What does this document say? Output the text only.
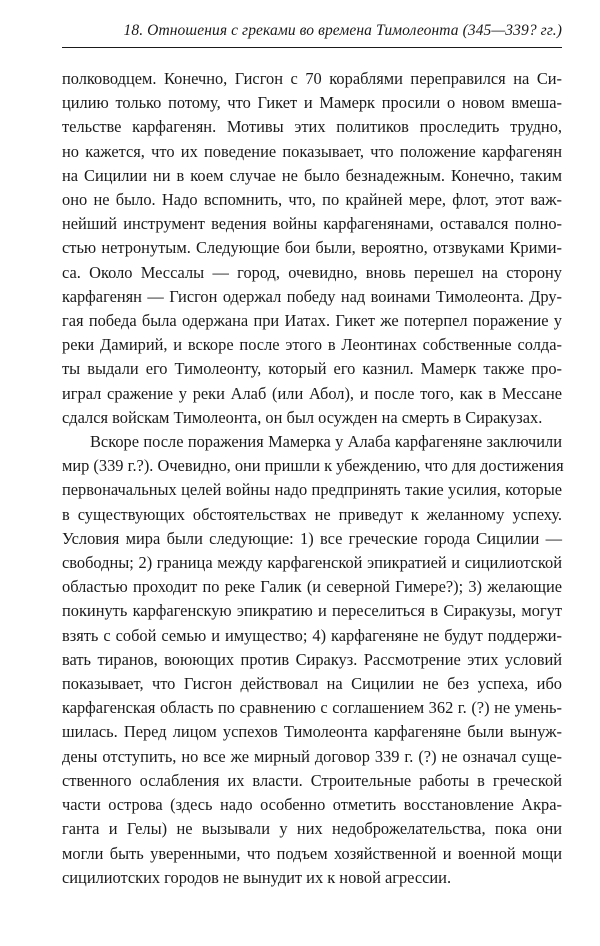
18. Отношения с греками во времена Тимолеонта (345—339? гг.)

полководцем. Конечно, Гисгон с 70 кораблями переправился на Си-
цилию только потому, что Гикет и Мамерк просили о новом вмеша-
тельстве карфагенян. Мотивы этих политиков проследить трудно,
но кажется, что их поведение показывает, что положение карфагенян
на Сицилии ни в коем случае не было безнадежным. Конечно, таким
оно не было. Надо вспомнить, что, по крайней мере, флот, этот важ-
нейший инструмент ведения войны карфагенянами, оставался полно-
стью нетронутым. Следующие бои были, вероятно, отзвуками Крими-
са. Около Мессалы — город, очевидно, вновь перешел на сторону
карфагенян — Гисгон одержал победу над воинами Тимолеонта. Дру-
гая победа была одержана при Иатах. Гикет же потерпел поражение у
реки Дамирий, и вскоре после этого в Леонтинах собственные солда-
ты выдали его Тимолеонту, который его казнил. Мамерк также про-
играл сражение у реки Алаб (или Абол), и после того, как в Мессане
сдался войскам Тимолеонта, он был осужден на смерть в Сиракузах.

Вскоре после поражения Мамерка у Алаба карфагеняне заключили
мир (339 г.?). Очевидно, они пришли к убеждению, что для достижения
первоначальных целей войны надо предпринять такие усилия, которые
в существующих обстоятельствах не приведут к желанному успеху.
Условия мира были следующие: 1) все греческие города Сицилии —
свободны; 2) граница между карфагенской эпикратией и сицилиотской
областью проходит по реке Галик (и северной Гимере?); 3) желающие
покинуть карфагенскую эпикратию и переселиться в Сиракузы, могут
взять с собой семью и имущество; 4) карфагеняне не будут поддержи-
вать тиранов, воюющих против Сиракуз. Рассмотрение этих условий
показывает, что Гисгон действовал на Сицилии не без успеха, ибо
карфагенская область по сравнению с соглашением 362 г. (?) не умень-
шилась. Перед лицом успехов Тимолеонта карфагеняне были вынуж-
дены отступить, но все же мирный договор 339 г. (?) не означал суще-
ственного ослабления их власти. Строительные работы в греческой
части острова (здесь надо особенно отметить восстановление Акра-
ганта и Гелы) не вызывали у них недоброжелательства, пока они
могли быть уверенными, что подъем хозяйственной и военной мощи
сицилиотских городов не вынудит их к новой агрессии.
